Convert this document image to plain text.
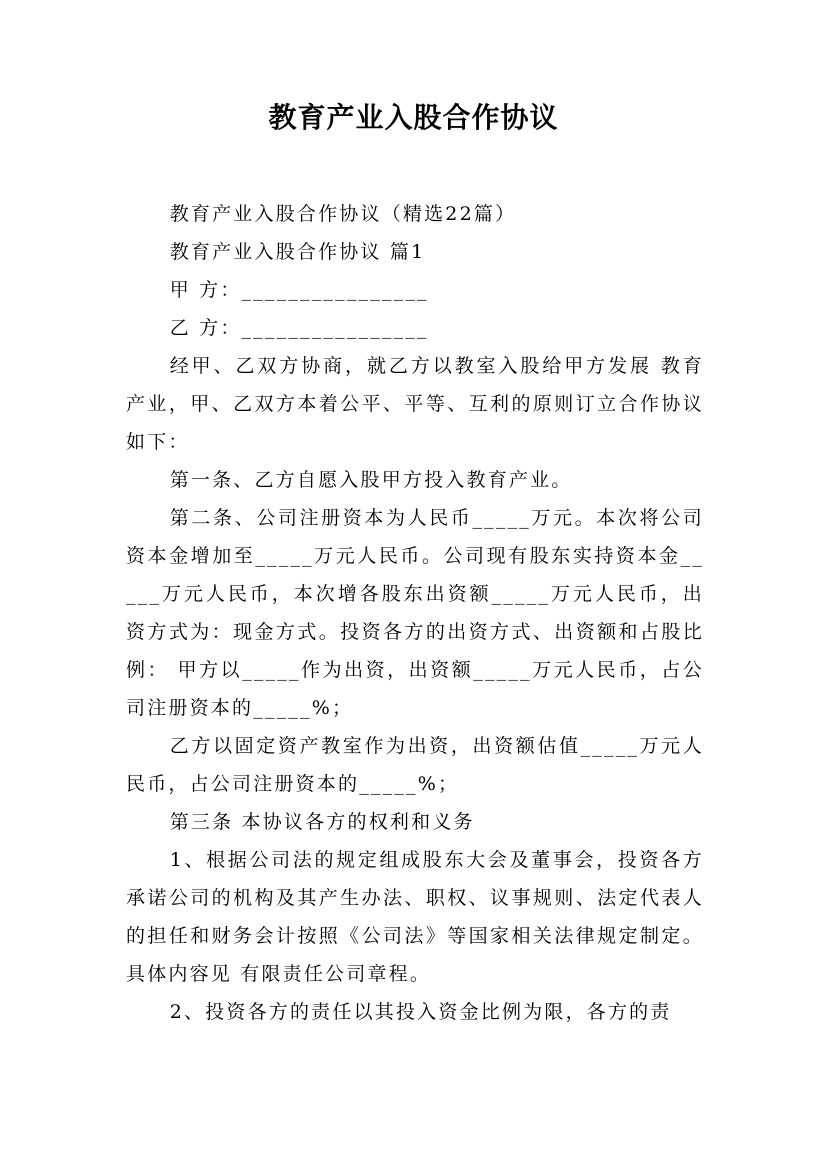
教育产业入股合作协议

教育产业入股合作协议（精选22篇）

教育产业入股合作协议 篇1

甲 方：________________

乙 方：________________

经甲、乙双方协商，就乙方以教室入股给甲方发展 教育产业，甲、乙双方本着公平、平等、互利的原则订立合作协议如下：

第一条、乙方自愿入股甲方投入教育产业。

第二条、公司注册资本为人民币_____万元。本次将公司资本金增加至_____万元人民币。公司现有股东实持资本金_____万元人民币，本次增各股东出资额_____万元人民币，出资方式为：现金方式。投资各方的出资方式、出资额和占股比例： 甲方以_____作为出资，出资额_____万元人民币，占公司注册资本的_____%；

乙方以固定资产教室作为出资，出资额估值_____万元人民币，占公司注册资本的_____%；

第三条 本协议各方的权利和义务

1、根据公司法的规定组成股东大会及董事会，投资各方承诺公司的机构及其产生办法、职权、议事规则、法定代表人的担任和财务会计按照《公司法》等国家相关法律规定制定。具体内容见 有限责任公司章程。

2、投资各方的责任以其投入资金比例为限，各方的责
